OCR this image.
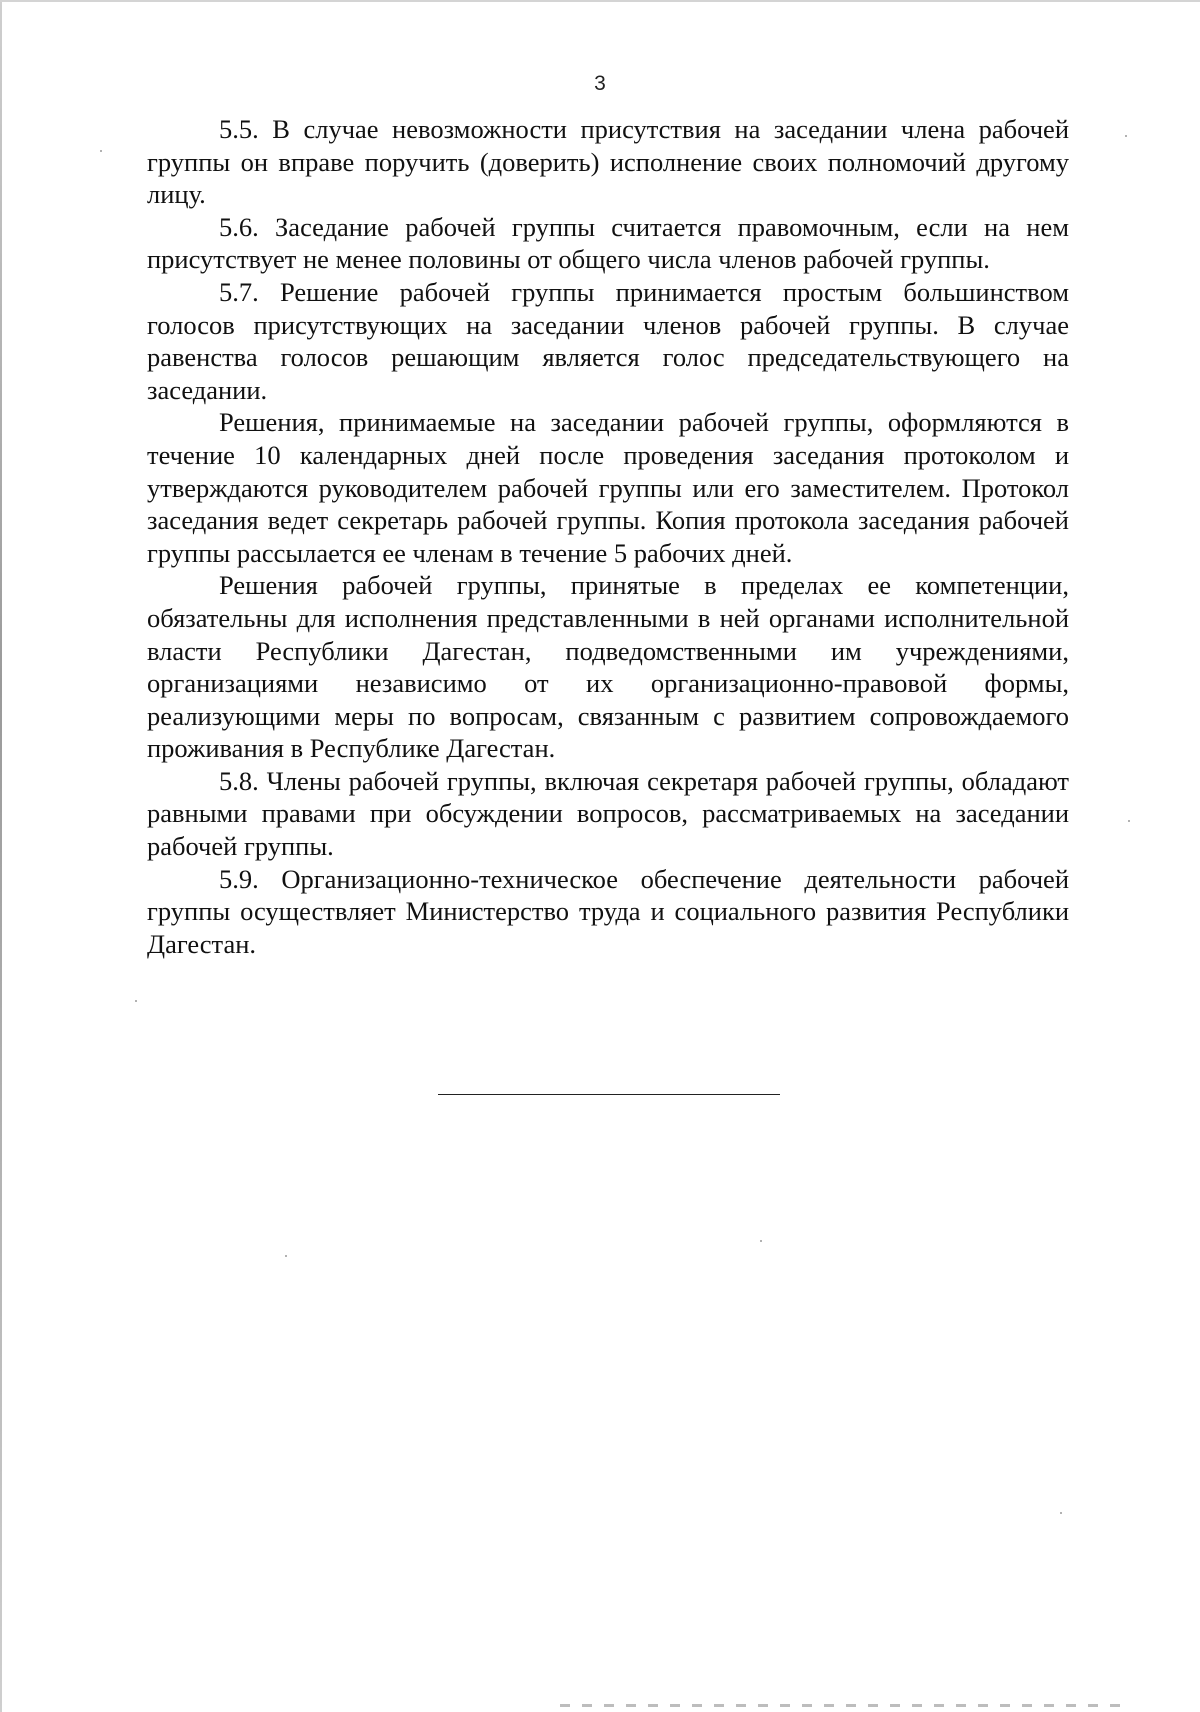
3

5.5. В случае невозможности присутствия на заседании члена рабочей группы он вправе поручить (доверить) исполнение своих полномочий другому лицу.

5.6. Заседание рабочей группы считается правомочным, если на нем присутствует не менее половины от общего числа членов рабочей группы.

5.7. Решение рабочей группы принимается простым большинством голосов присутствующих на заседании членов рабочей группы. В случае равенства голосов решающим является голос председательствующего на заседании.

Решения, принимаемые на заседании рабочей группы, оформляются в течение 10 календарных дней после проведения заседания протоколом и утверждаются руководителем рабочей группы или его заместителем. Протокол заседания ведет секретарь рабочей группы. Копия протокола заседания рабочей группы рассылается ее членам в течение 5 рабочих дней.

Решения рабочей группы, принятые в пределах ее компетенции, обязательны для исполнения представленными в ней органами исполнительной власти Республики Дагестан, подведомственными им учреждениями, организациями независимо от их организационно-правовой формы, реализующими меры по вопросам, связанным с развитием сопровождаемого проживания в Республике Дагестан.

5.8. Члены рабочей группы, включая секретаря рабочей группы, обладают равными правами при обсуждении вопросов, рассматриваемых на заседании рабочей группы.

5.9. Организационно-техническое обеспечение деятельности рабочей группы осуществляет Министерство труда и социального развития Республики Дагестан.
